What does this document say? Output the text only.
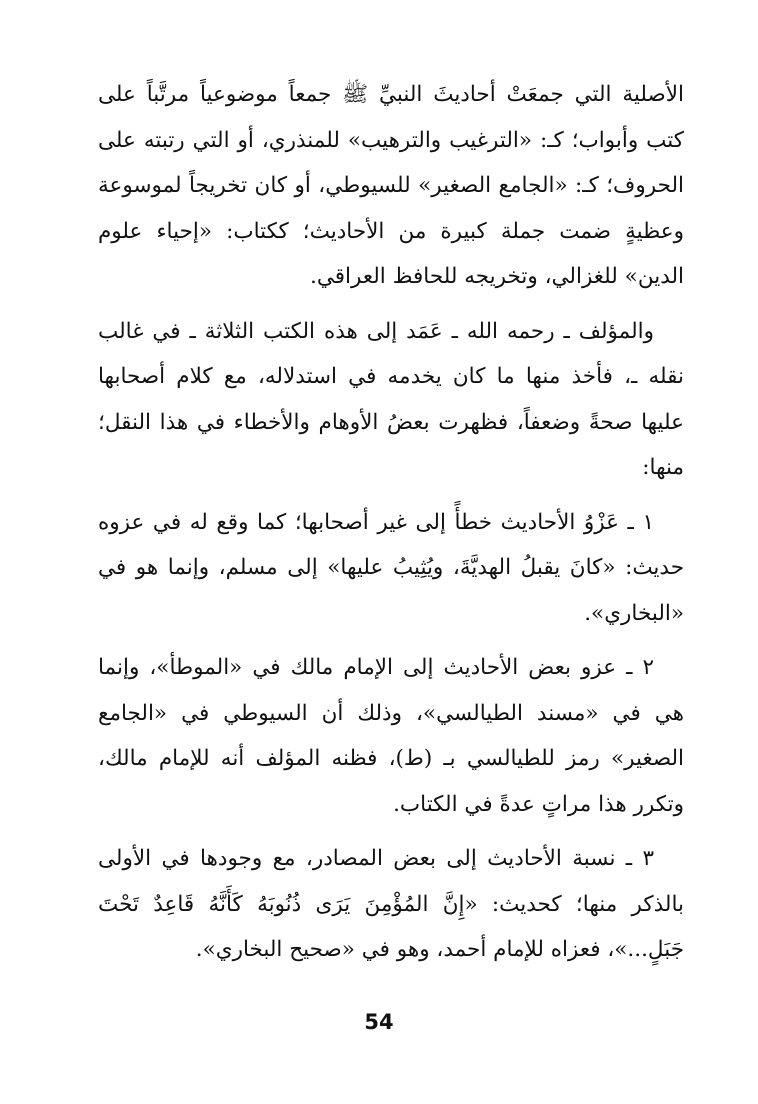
الأصلية التي جمعَتْ أحاديثَ النبيِّ ﷺ جمعاً موضوعياً مرتَّباً على كتب وأبواب؛ كـ: «الترغيب والترهيب» للمنذري، أو التي رتبته على الحروف؛ كـ: «الجامع الصغير» للسيوطي، أو كان تخريجاً لموسوعة وعظيةٍ ضمت جملة كبيرة من الأحاديث؛ ككتاب: «إحياء علوم الدين» للغزالي، وتخريجه للحافظ العراقي.

والمؤلف ـ رحمه الله ـ عَمَد إلى هذه الكتب الثلاثة ـ في غالب نقله ـ، فأخذ منها ما كان يخدمه في استدلاله، مع كلام أصحابها عليها صحةً وضعفاً، فظهرت بعضُ الأوهام والأخطاء في هذا النقل؛ منها:

١ ـ عَزْوُ الأحاديث خطأً إلى غير أصحابها؛ كما وقع له في عزوه حديث: «كانَ يقبلُ الهديَّةَ، ويُثِيبُ عليها» إلى مسلم، وإنما هو في «البخاري».

٢ ـ عزو بعض الأحاديث إلى الإمام مالك في «الموطأ»، وإنما هي في «مسند الطيالسي»، وذلك أن السيوطي في «الجامع الصغير» رمز للطيالسي بـ (ط)، فظنه المؤلف أنه للإمام مالك، وتكرر هذا مراتٍ عدةً في الكتاب.

٣ ـ نسبة الأحاديث إلى بعض المصادر، مع وجودها في الأولى بالذكر منها؛ كحديث: «إِنَّ المُؤْمِنَ يَرَى ذُنُوبَهُ كَأَنَّهُ قَاعِدٌ تَحْتَ جَبَلٍ...»، فعزاه للإمام أحمد، وهو في «صحيح البخاري».

54
